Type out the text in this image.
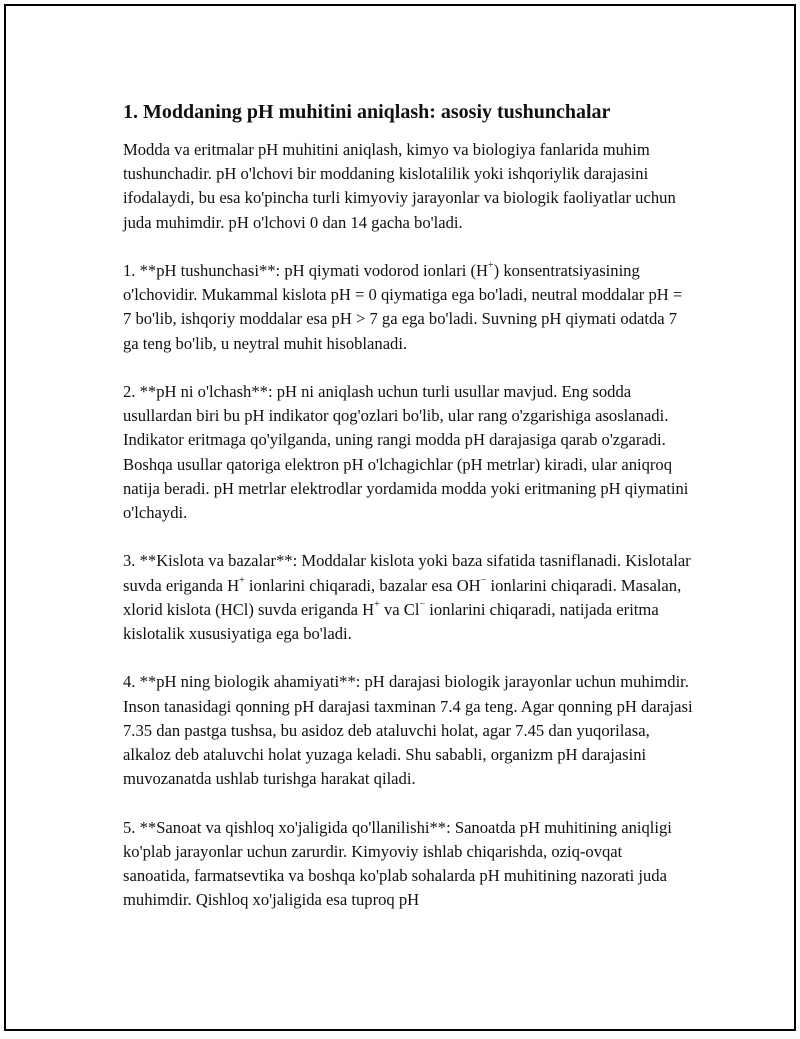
1. Moddaning pH muhitini aniqlash: asosiy tushunchalar

Modda va eritmalar pH muhitini aniqlash, kimyo va biologiya fanlarida muhim tushunchadir. pH o'lchovi bir moddaning kislotalilik yoki ishqoriylik darajasini ifodalaydi, bu esa ko'pincha turli kimyoviy jarayonlar va biologik faoliyatlar uchun juda muhimdir. pH o'lchovi 0 dan 14 gacha bo'ladi.

1. **pH tushunchasi**: pH qiymati vodorod ionlari (H+) konsentratsiyasining o'lchovidir. Mukammal kislota pH = 0 qiymatiga ega bo'ladi, neutral moddalar pH = 7 bo'lib, ishqoriy moddalar esa pH > 7 ga ega bo'ladi. Suvning pH qiymati odatda 7 ga teng bo'lib, u neytral muhit hisoblanadi.

2. **pH ni o'lchash**: pH ni aniqlash uchun turli usullar mavjud. Eng sodda usullardan biri bu pH indikator qog'ozlari bo'lib, ular rang o'zgarishiga asoslanadi. Indikator eritmaga qo'yilganda, uning rangi modda pH darajasiga qarab o'zgaradi. Boshqa usullar qatoriga elektron pH o'lchagichlar (pH metrlar) kiradi, ular aniqroq natija beradi. pH metrlar elektrodlar yordamida modda yoki eritmaning pH qiymatini o'lchaydi.

3. **Kislota va bazalar**: Moddalar kislota yoki baza sifatida tasniflanadi. Kislotalar suvda eriganda H+ ionlarini chiqaradi, bazalar esa OH− ionlarini chiqaradi. Masalan, xlorid kislota (HCl) suvda eriganda H+ va Cl− ionlarini chiqaradi, natijada eritma kislotalik xususiyatiga ega bo'ladi.

4. **pH ning biologik ahamiyati**: pH darajasi biologik jarayonlar uchun muhimdir. Inson tanasidagi qonning pH darajasi taxminan 7.4 ga teng. Agar qonning pH darajasi 7.35 dan pastga tushsa, bu asidoz deb ataluvchi holat, agar 7.45 dan yuqorilasa, alkaloz deb ataluvchi holat yuzaga keladi. Shu sababli, organizm pH darajasini muvozanatda ushlab turishga harakat qiladi.

5. **Sanoat va qishloq xo'jaligida qo'llanilishi**: Sanoatda pH muhitining aniqligi ko'plab jarayonlar uchun zarurdir. Kimyoviy ishlab chiqarishda, oziq-ovqat sanoatida, farmatsevtika va boshqa ko'plab sohalarda pH muhitining nazorati juda muhimdir. Qishloq xo'jaligida esa tuproq pH
